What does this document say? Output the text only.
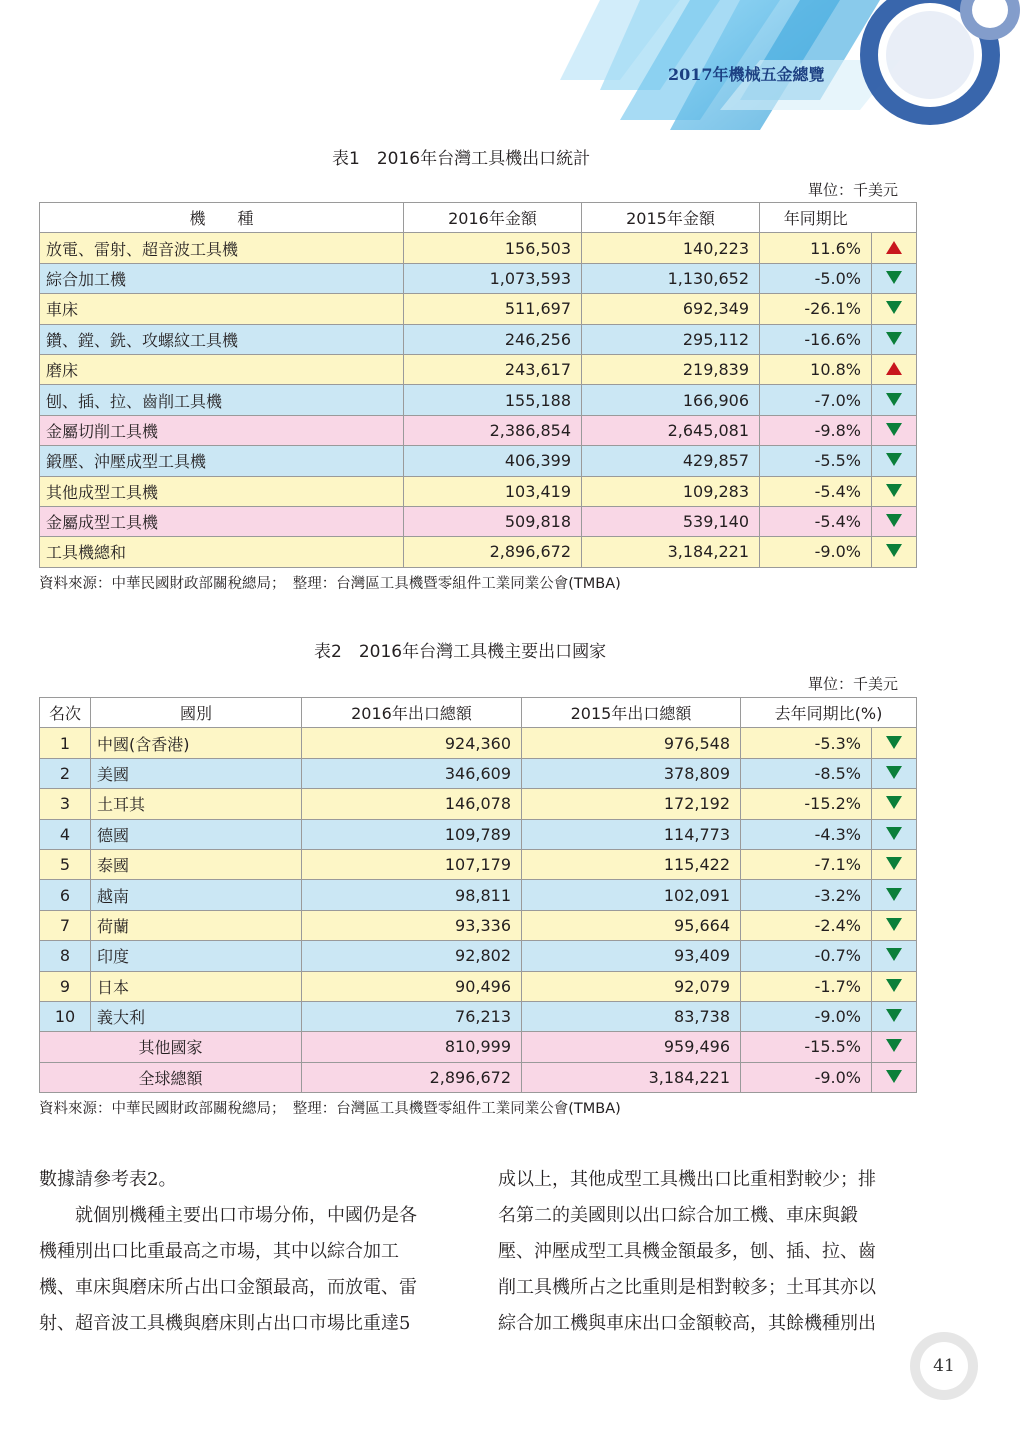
2017年機械五金總覽
表1　2016年台灣工具機出口統計
單位：千美元
機　　種	2016年金額	2015年金額	年同期比	
放電、雷射、超音波工具機	156,503	140,223	11.6%	
綜合加工機	1,073,593	1,130,652	-5.0%	
車床	511,697	692,349	-26.1%	
鑽、鏜、銑、攻螺紋工具機	246,256	295,112	-16.6%	
磨床	243,617	219,839	10.8%	
刨、插、拉、齒削工具機	155,188	166,906	-7.0%	
金屬切削工具機	2,386,854	2,645,081	-9.8%	
鍛壓、沖壓成型工具機	406,399	429,857	-5.5%	
其他成型工具機	103,419	109,283	-5.4%	
金屬成型工具機	509,818	539,140	-5.4%	
工具機總和	2,896,672	3,184,221	-9.0%	
資料來源：中華民國財政部關稅總局；　整理：台灣區工具機暨零組件工業同業公會(TMBA)
表2　2016年台灣工具機主要出口國家
單位：千美元
名次	國別	2016年出口總額	2015年出口總額	去年同期比(%)	
1	中國(含香港)	924,360	976,548	-5.3%	
2	美國	346,609	378,809	-8.5%	
3	土耳其	146,078	172,192	-15.2%	
4	德國	109,789	114,773	-4.3%	
5	泰國	107,179	115,422	-7.1%	
6	越南	98,811	102,091	-3.2%	
7	荷蘭	93,336	95,664	-2.4%	
8	印度	92,802	93,409	-0.7%	
9	日本	90,496	92,079	-1.7%	
10	義大利	76,213	83,738	-9.0%	
其他國家		810,999	959,496	-15.5%	
全球總額		2,896,672	3,184,221	-9.0%	
資料來源：中華民國財政部關稅總局；　整理：台灣區工具機暨零組件工業同業公會(TMBA)
數據請參考表2。
　　就個別機種主要出口市場分佈，中國仍是各
機種別出口比重最高之市場，其中以綜合加工
機、車床與磨床所占出口金額最高，而放電、雷
射、超音波工具機與磨床則占出口市場比重達5
成以上，其他成型工具機出口比重相對較少；排
名第二的美國則以出口綜合加工機、車床與鍛
壓、沖壓成型工具機金額最多，刨、插、拉、齒
削工具機所占之比重則是相對較多；土耳其亦以
綜合加工機與車床出口金額較高，其餘機種別出
41
